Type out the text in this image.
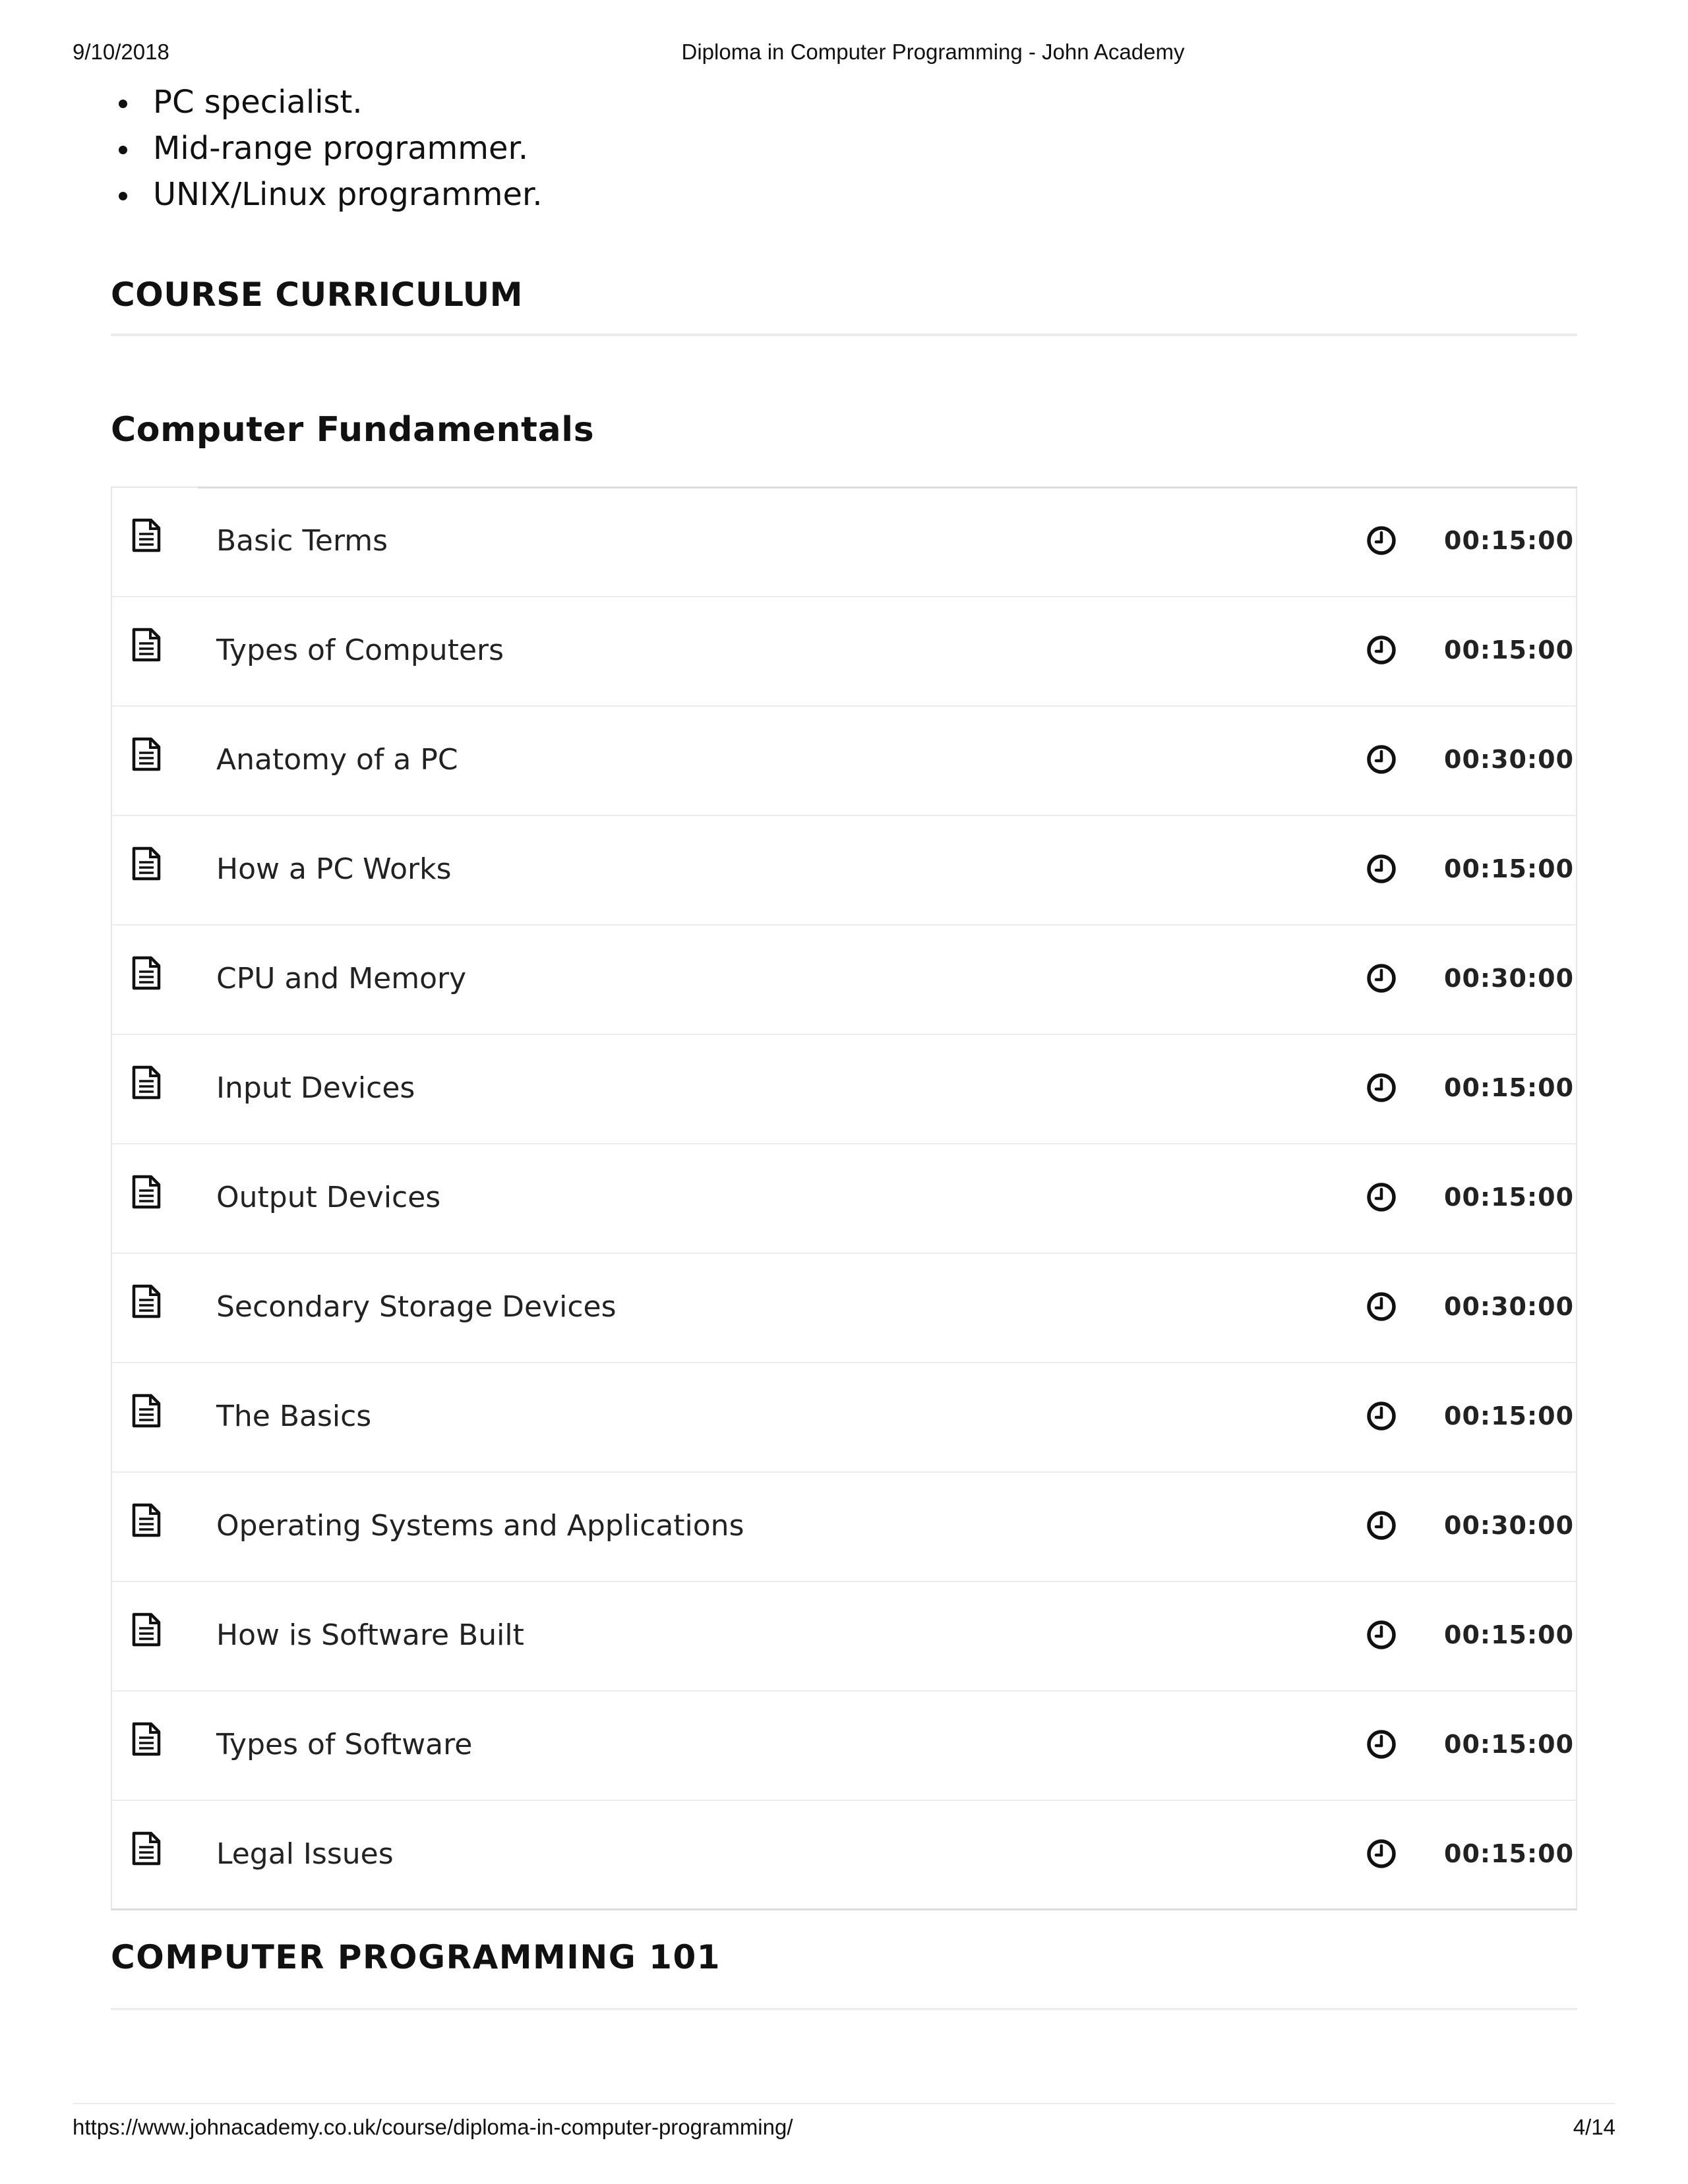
9/10/2018	Diploma in Computer Programming - John Academy
PC specialist.
Mid-range programmer.
UNIX/Linux programmer.
COURSE CURRICULUM
Computer Fundamentals
Basic Terms	00:15:00
Types of Computers	00:15:00
Anatomy of a PC	00:30:00
How a PC Works	00:15:00
CPU and Memory	00:30:00
Input Devices	00:15:00
Output Devices	00:15:00
Secondary Storage Devices	00:30:00
The Basics	00:15:00
Operating Systems and Applications	00:30:00
How is Software Built	00:15:00
Types of Software	00:15:00
Legal Issues	00:15:00
COMPUTER PROGRAMMING 101
https://www.johnacademy.co.uk/course/diploma-in-computer-programming/	4/14
